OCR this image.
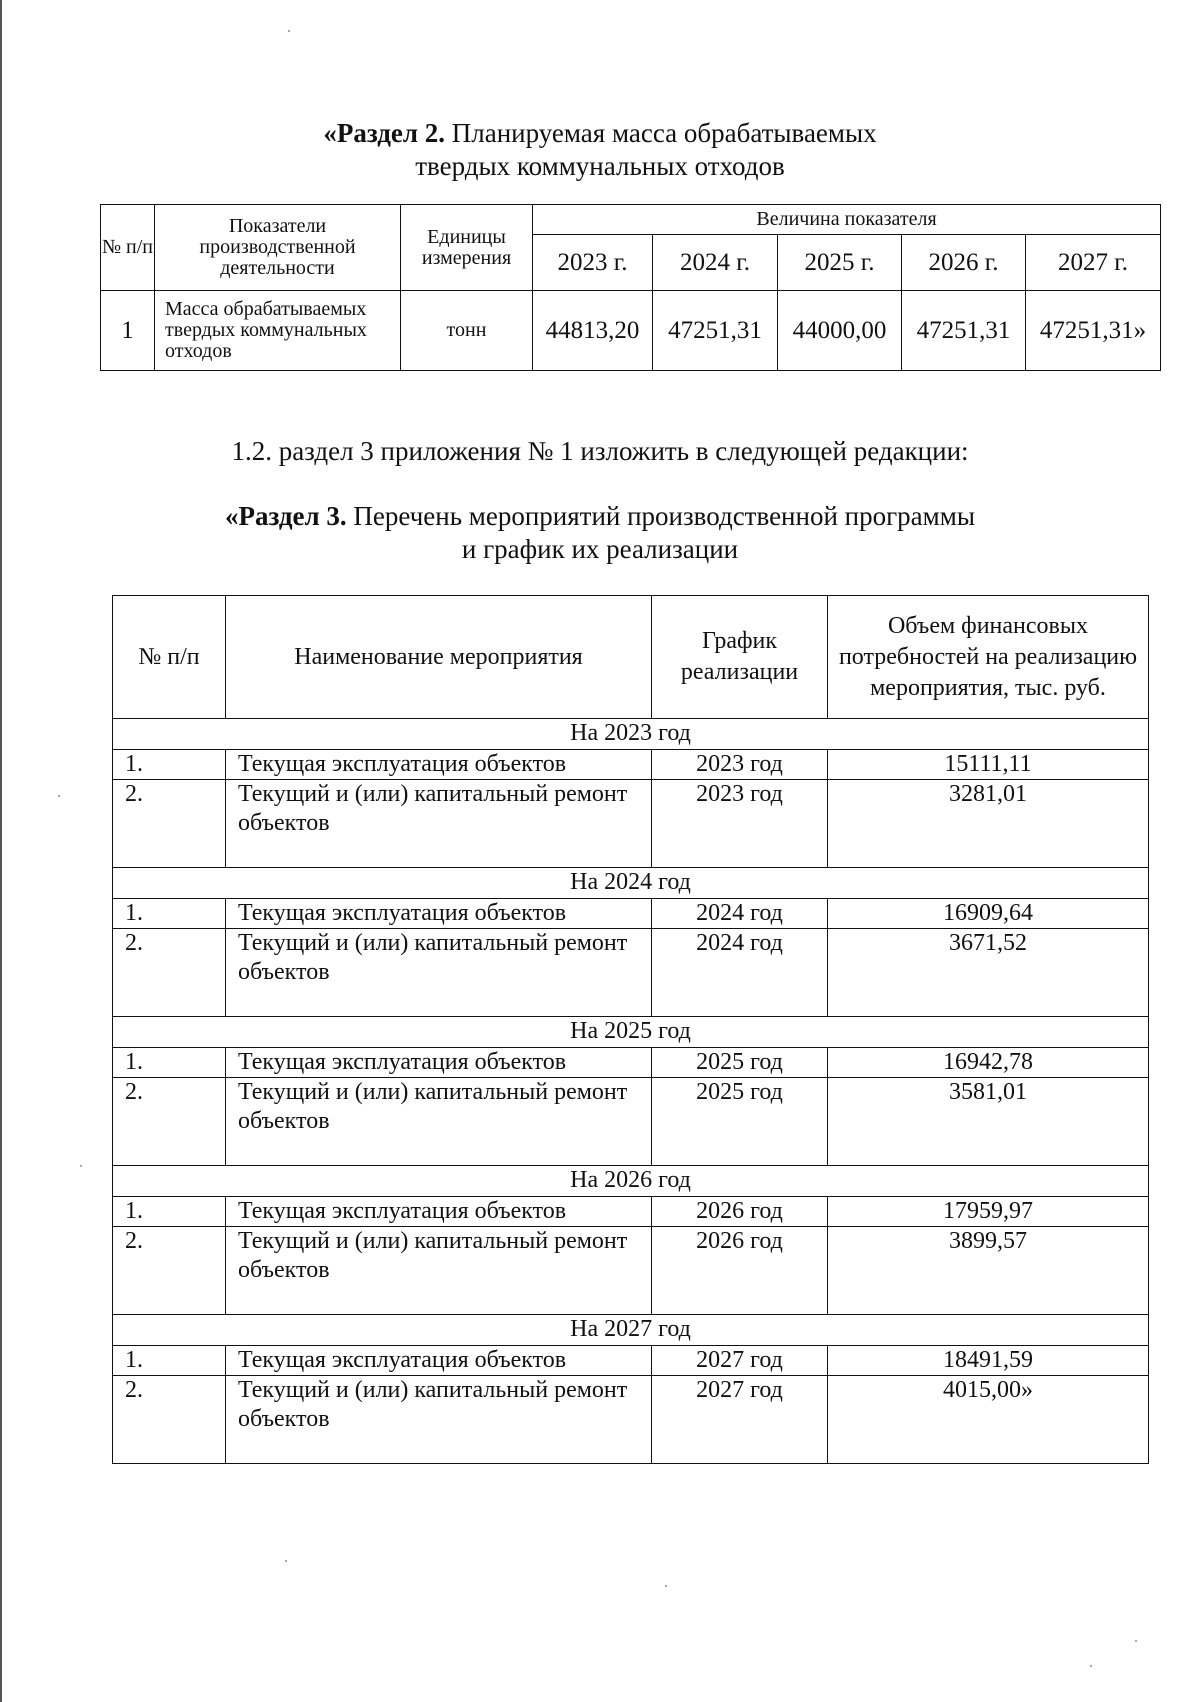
«Раздел 2. Планируемая масса обрабатываемых
твердых коммунальных отходов
№ п/п	Показатели производственной деятельности	Единицы измерения	Величина показателя				
			2023 г.	2024 г.	2025 г.	2026 г.	2027 г.
1	Масса обрабатываемых твердых коммунальных отходов	тонн	44813,20	47251,31	44000,00	47251,31	47251,31»
1.2. раздел 3 приложения № 1 изложить в следующей редакции:
«Раздел 3. Перечень мероприятий производственной программы
и график их реализации
№ п/п	Наименование мероприятия	График реализации	Объем финансовых потребностей на реализацию мероприятия, тыс. руб.
На 2023 год			
1.	Текущая эксплуатация объектов	2023 год	15111,11
2.	Текущий и (или) капитальный ремонт объектов	2023 год	3281,01
На 2024 год			
1.	Текущая эксплуатация объектов	2024 год	16909,64
2.	Текущий и (или) капитальный ремонт объектов	2024 год	3671,52
На 2025 год			
1.	Текущая эксплуатация объектов	2025 год	16942,78
2.	Текущий и (или) капитальный ремонт объектов	2025 год	3581,01
На 2026 год			
1.	Текущая эксплуатация объектов	2026 год	17959,97
2.	Текущий и (или) капитальный ремонт объектов	2026 год	3899,57
На 2027 год			
1.	Текущая эксплуатация объектов	2027 год	18491,59
2.	Текущий и (или) капитальный ремонт объектов	2027 год	4015,00»
